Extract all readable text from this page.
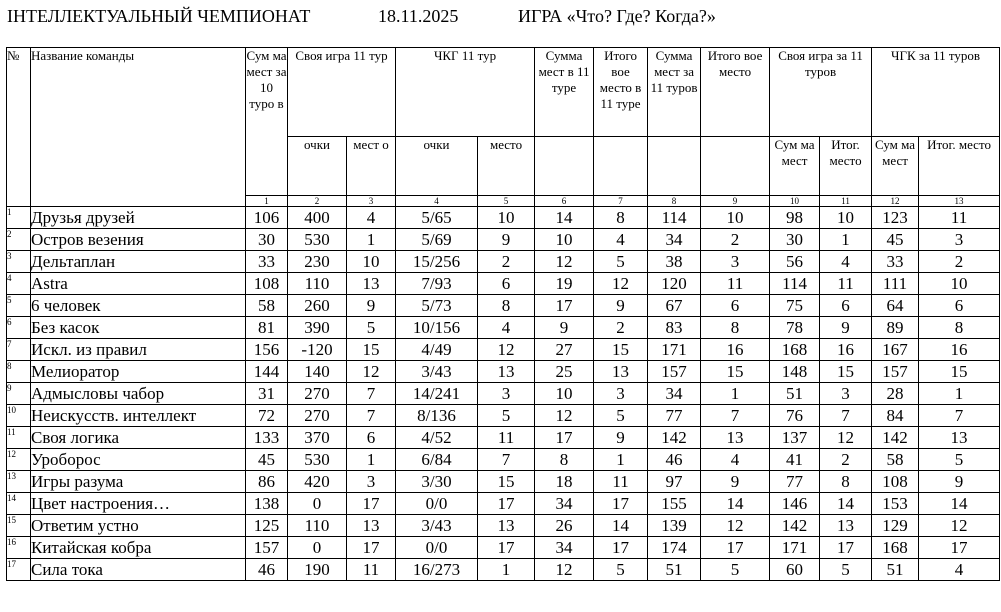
ІНТЕЛЛЕКТУАЛЬНЫЙ ЧЕМПИОНАТ	18.11.2025	ИГРА «Что? Где? Когда?»
№	Название команды	Сум ма мест за 10 туро в	Своя игра 11 тур		ЧКГ 11 тур		Сумма мест в 11 туре	Итого вое место в 11 туре	Сумма мест за 11 туров	Итого вое место	Своя игра за 11 туров		ЧГК за 11 туров	
			очки	мест о	очки	место					Сум ма мест	Итог. место	Сум ма мест	Итог. место
		1	2	3	4	5	6	7	8	9	10	11	12	13
1	Друзья друзей	106	400	4	5/65	10	14	8	114	10	98	10	123	11
2	Остров везения	30	530	1	5/69	9	10	4	34	2	30	1	45	3
3	Дельтаплан	33	230	10	15/256	2	12	5	38	3	56	4	33	2
4	Astra	108	110	13	7/93	6	19	12	120	11	114	11	111	10
5	6 человек	58	260	9	5/73	8	17	9	67	6	75	6	64	6
6	Без касок	81	390	5	10/156	4	9	2	83	8	78	9	89	8
7	Искл. из правил	156	-120	15	4/49	12	27	15	171	16	168	16	167	16
8	Мелиоратор	144	140	12	3/43	13	25	13	157	15	148	15	157	15
9	Адмысловы чабор	31	270	7	14/241	3	10	3	34	1	51	3	28	1
10	Неискусств. интеллект	72	270	7	8/136	5	12	5	77	7	76	7	84	7
11	Своя логика	133	370	6	4/52	11	17	9	142	13	137	12	142	13
12	Уроборос	45	530	1	6/84	7	8	1	46	4	41	2	58	5
13	Игры разума	86	420	3	3/30	15	18	11	97	9	77	8	108	9
14	Цвет настроения…	138	0	17	0/0	17	34	17	155	14	146	14	153	14
15	Ответим устно	125	110	13	3/43	13	26	14	139	12	142	13	129	12
16	Китайская кобра	157	0	17	0/0	17	34	17	174	17	171	17	168	17
17	Сила тока	46	190	11	16/273	1	12	5	51	5	60	5	51	4
